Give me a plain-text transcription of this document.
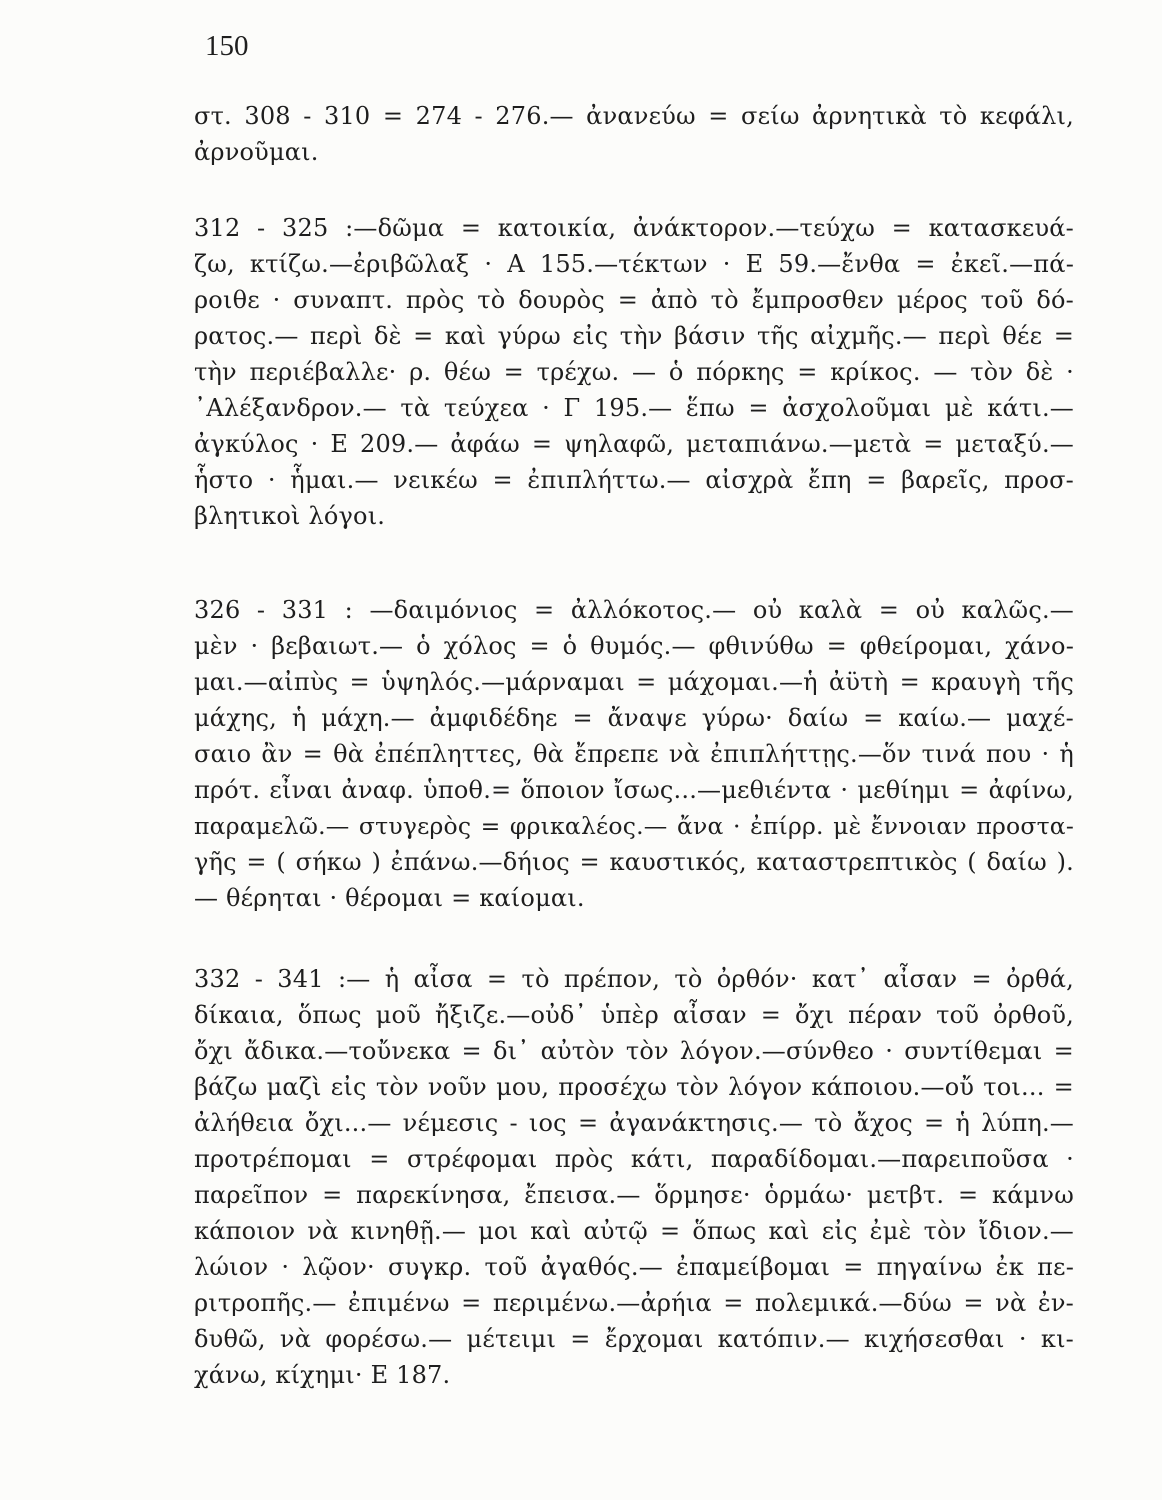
150
στ. 308 - 310 = 274 - 276.— ἀνανεύω = σείω ἀρνητικὰ τὸ κεφάλι,
ἀρνοῦμαι.
312 - 325 :—δῶμα = κατοικία, ἀνάκτορον.—τεύχω = κατασκευά-
ζω, κτίζω.—ἐριβῶλαξ · Α 155.—τέκτων · Ε 59.—ἔνθα = ἐκεῖ.—πά-
ροιθε · συναπτ. πρὸς τὸ δουρὸς = ἀπὸ τὸ ἔμπροσθεν μέρος τοῦ δό-
ρατος.— περὶ δὲ = καὶ γύρω εἰς τὴν βάσιν τῆς αἰχμῆς.— περὶ θέε =
τὴν περιέβαλλε· ρ. θέω = τρέχω. — ὁ πόρκης = κρίκος. — τὸν δὲ ·
᾿Αλέξανδρον.— τὰ τεύχεα · Γ 195.— ἕπω = ἀσχολοῦμαι μὲ κάτι.—
ἀγκύλος · Ε 209.— ἀφάω = ψηλαφῶ, μεταπιάνω.—μετὰ = μεταξύ.—
ἧστο · ἧμαι.— νεικέω = ἐπιπλήττω.— αἰσχρὰ ἔπη = βαρεῖς, προσ-
βλητικοὶ λόγοι.
326 - 331 : —δαιμόνιος = ἀλλόκοτος.— οὐ καλὰ = οὐ καλῶς.—
μὲν · βεβαιωτ.— ὁ χόλος = ὁ θυμός.— φθινύθω = φθείρομαι, χάνο-
μαι.—αἰπὺς = ὑψηλός.—μάρναμαι = μάχομαι.—ἡ ἀϋτὴ = κραυγὴ τῆς
μάχης, ἡ μάχη.— ἀμφιδέδηε = ἄναψε γύρω· δαίω = καίω.— μαχέ-
σαιο ἂν = θὰ ἐπέπληττες, θὰ ἔπρεπε νὰ ἐπιπλήττῃς.—ὅν τινά που · ἡ
πρότ. εἶναι ἀναφ. ὑποθ.= ὅποιον ἴσως...—μεθιέντα · μεθίημι = ἀφίνω,
παραμελῶ.— στυγερὸς = φρικαλέος.— ἄνα · ἐπίρρ. μὲ ἔννοιαν προστα-
γῆς = ( σήκω ) ἐπάνω.—δήιος = καυστικός, καταστρεπτικὸς ( δαίω ).
— θέρηται · θέρομαι = καίομαι.
332 - 341 :— ἡ αἶσα = τὸ πρέπον, τὸ ὀρθόν· κατ᾿ αἶσαν = ὀρθά,
δίκαια, ὅπως μοῦ ἤξιζε.—οὐδ᾿ ὑπὲρ αἶσαν = ὄχι πέραν τοῦ ὀρθοῦ,
ὄχι ἄδικα.—τοὔνεκα = δι᾿ αὐτὸν τὸν λόγον.—σύνθεο · συντίθεμαι =
βάζω μαζὶ εἰς τὸν νοῦν μου, προσέχω τὸν λόγον κάποιου.—οὔ τοι... =
ἀλήθεια ὄχι...— νέμεσις - ιος = ἀγανάκτησις.— τὸ ἄχος = ἡ λύπη.—
προτρέπομαι = στρέφομαι πρὸς κάτι, παραδίδομαι.—παρειποῦσα ·
παρεῖπον = παρεκίνησα, ἔπεισα.— ὅρμησε· ὁρμάω· μετβτ. = κάμνω
κάποιον νὰ κινηθῇ.— μοι καὶ αὐτῷ = ὅπως καὶ εἰς ἐμὲ τὸν ἴδιον.—
λώιον · λῷον· συγκρ. τοῦ ἀγαθός.— ἐπαμείβομαι = πηγαίνω ἐκ πε-
ριτροπῆς.— ἐπιμένω = περιμένω.—ἀρήια = πολεμικά.—δύω = νὰ ἐν-
δυθῶ, νὰ φορέσω.— μέτειμι = ἔρχομαι κατόπιν.— κιχήσεσθαι · κι-
χάνω, κίχημι· Ε 187.
